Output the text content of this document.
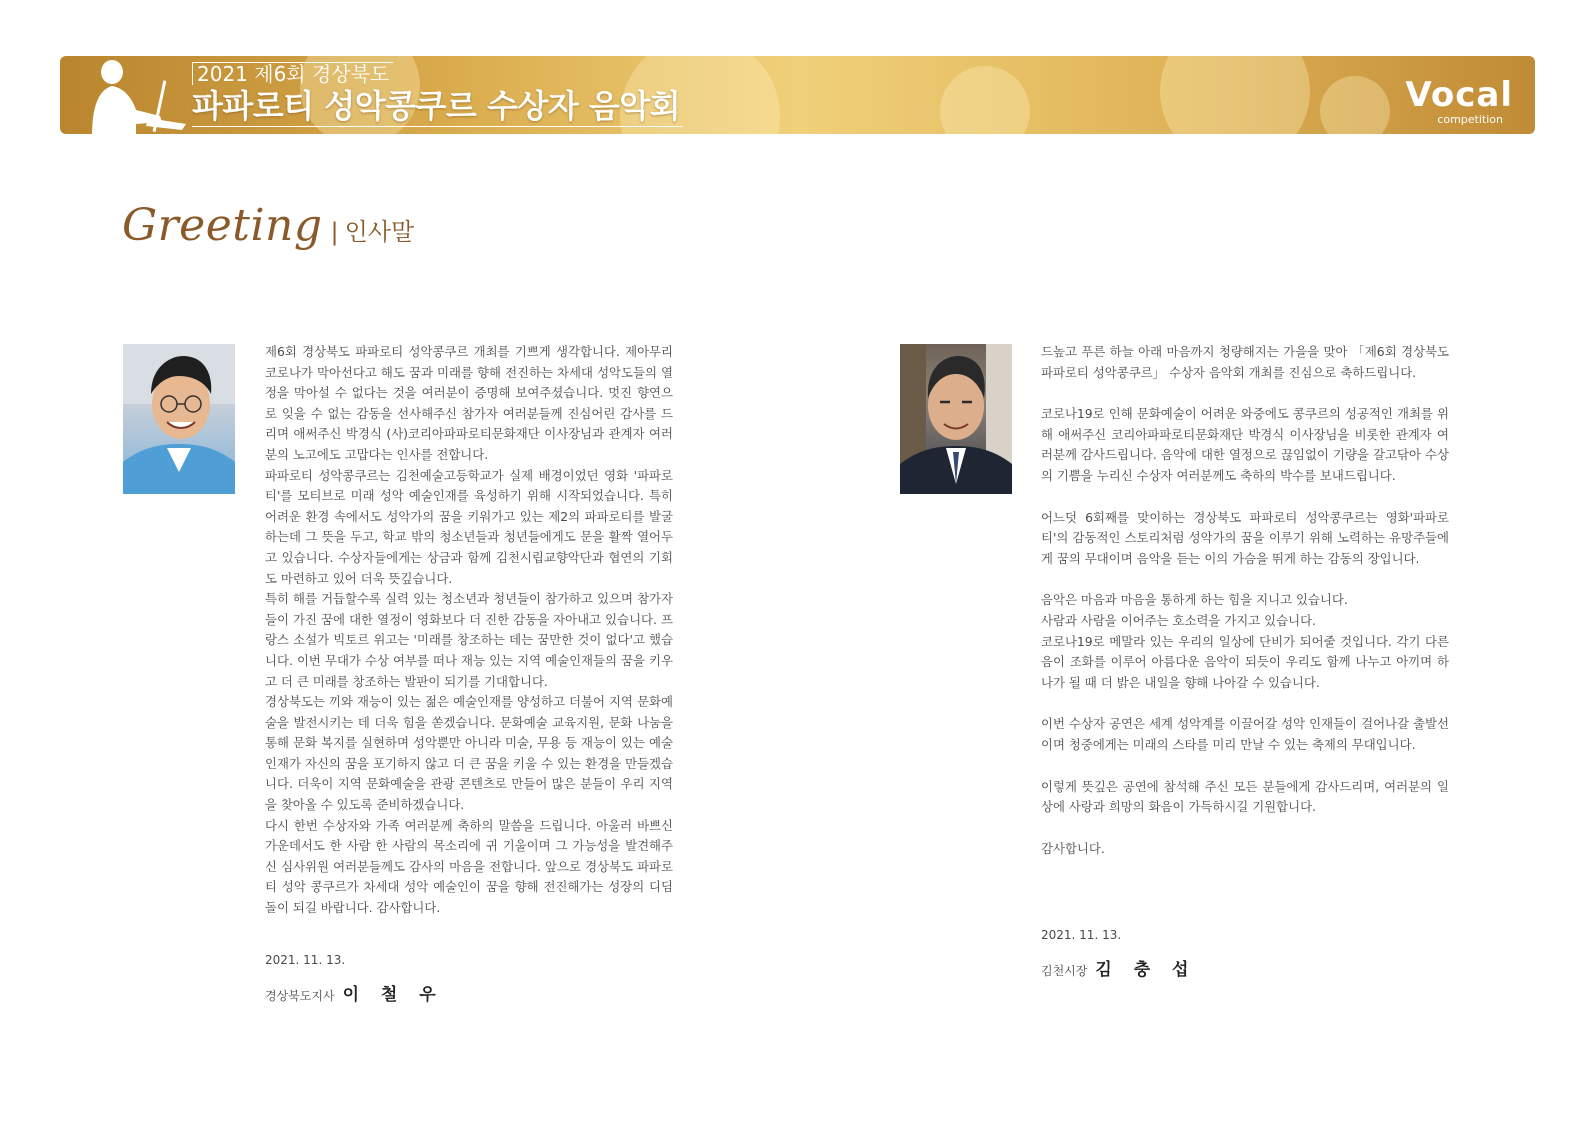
2021 제6회 경상북도
파파로티 성악콩쿠르 수상자 음악회	Vocal
competition
Greeting | 인사말

제6회 경상북도 파파로티 성악콩쿠르 개최를 기쁘게 생각합니다. 제아무리 코로나가 막아선다고 해도 꿈과 미래를 향해 전진하는 차세대 성악도들의 열정을 막아설 수 없다는 것을 여러분이 증명해 보여주셨습니다. 멋진 향연으로 잊을 수 없는 감동을 선사해주신 참가자 여러분들께 진심어린 감사를 드리며 애써주신 박경식 (사)코리아파파로티문화재단 이사장님과 관계자 여러분의 노고에도 고맙다는 인사를 전합니다.

파파로티 성악콩쿠르는 김천예술고등학교가 실제 배경이었던 영화 '파파로티'를 모티브로 미래 성악 예술인재를 육성하기 위해 시작되었습니다. 특히 어려운 환경 속에서도 성악가의 꿈을 키워가고 있는 제2의 파파로티를 발굴하는데 그 뜻을 두고, 학교 밖의 청소년들과 청년들에게도 문을 활짝 열어두고 있습니다. 수상자들에게는 상금과 함께 김천시립교향악단과 협연의 기회도 마련하고 있어 더욱 뜻깊습니다.

특히 해를 거듭할수록 실력 있는 청소년과 청년들이 참가하고 있으며 참가자들이 가진 꿈에 대한 열정이 영화보다 더 진한 감동을 자아내고 있습니다. 프랑스 소설가 빅토르 위고는 '미래를 창조하는 데는 꿈만한 것이 없다'고 했습니다. 이번 무대가 수상 여부를 떠나 재능 있는 지역 예술인재들의 꿈을 키우고 더 큰 미래를 창조하는 발판이 되기를 기대합니다.

경상북도는 끼와 재능이 있는 젊은 예술인재를 양성하고 더불어 지역 문화예술을 발전시키는 데 더욱 힘을 쏟겠습니다. 문화예술 교육지원, 문화 나눔을 통해 문화 복지를 실현하며 성악뿐만 아니라 미술, 무용 등 재능이 있는 예술인재가 자신의 꿈을 포기하지 않고 더 큰 꿈을 키울 수 있는 환경을 만들겠습니다. 더욱이 지역 문화예술을 관광 콘텐츠로 만들어 많은 분들이 우리 지역을 찾아올 수 있도록 준비하겠습니다.

다시 한번 수상자와 가족 여러분께 축하의 말씀을 드립니다. 아울러 바쁘신 가운데서도 한 사람 한 사람의 목소리에 귀 기울이며 그 가능성을 발견해주신 심사위원 여러분들께도 감사의 마음을 전합니다. 앞으로 경상북도 파파로티 성악 콩쿠르가 차세대 성악 예술인이 꿈을 향해 전진해가는 성장의 디딤돌이 되길 바랍니다. 감사합니다.

2021. 11. 13.
경상북도지사 이 철 우

드높고 푸른 하늘 아래 마음까지 청량해지는 가을을 맞아 「제6회 경상북도 파파로티 성악콩쿠르」 수상자 음악회 개최를 진심으로 축하드립니다.

코로나19로 인해 문화예술이 어려운 와중에도 콩쿠르의 성공적인 개최를 위해 애써주신 코리아파파로티문화재단 박경식 이사장님을 비롯한 관계자 여러분께 감사드립니다. 음악에 대한 열정으로 끊임없이 기량을 갈고닦아 수상의 기쁨을 누리신 수상자 여러분께도 축하의 박수를 보내드립니다.

어느덧 6회째를 맞이하는 경상북도 파파로티 성악콩쿠르는 영화'파파로티'의 감동적인 스토리처럼 성악가의 꿈을 이루기 위해 노력하는 유망주들에게 꿈의 무대이며 음악을 듣는 이의 가슴을 뛰게 하는 감동의 장입니다.

음악은 마음과 마음을 통하게 하는 힘을 지니고 있습니다.

사람과 사람을 이어주는 호소력을 가지고 있습니다.

코로나19로 메말라 있는 우리의 일상에 단비가 되어줄 것입니다. 각기 다른 음이 조화를 이루어 아름다운 음악이 되듯이 우리도 함께 나누고 아끼며 하나가 될 때 더 밝은 내일을 향해 나아갈 수 있습니다.

이번 수상자 공연은 세계 성악계를 이끌어갈 성악 인재들이 걸어나갈 출발선이며 청중에게는 미래의 스타를 미리 만날 수 있는 축제의 무대입니다.

이렇게 뜻깊은 공연에 참석해 주신 모든 분들에게 감사드리며, 여러분의 일상에 사랑과 희망의 화음이 가득하시길 기원합니다.

감사합니다.

2021. 11. 13.
김천시장 김 충 섭
